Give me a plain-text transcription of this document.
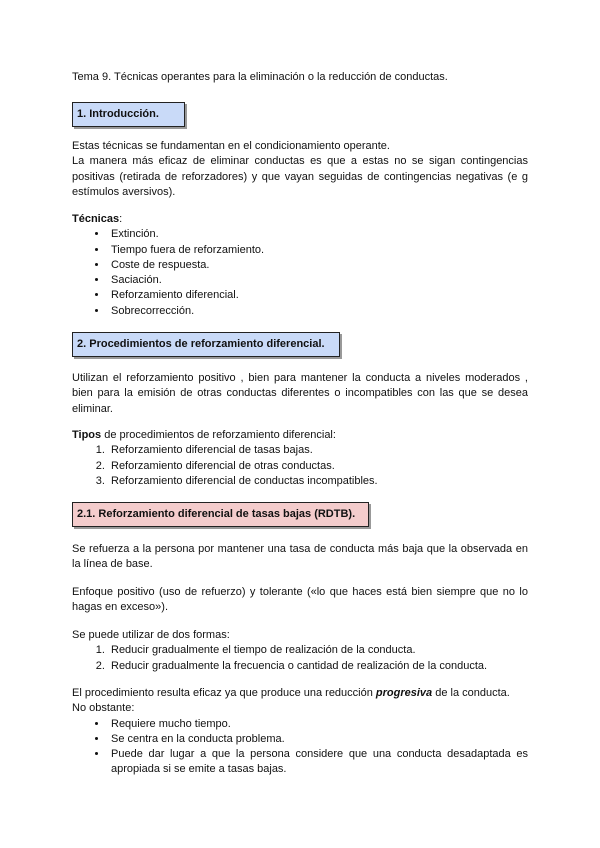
Tema 9. Técnicas operantes para la eliminación o la reducción de conductas.
1. Introducción.

Estas técnicas se fundamentan en el condicionamiento operante.

La manera más eficaz de eliminar conductas es que a estas no se sigan contingencias positivas (retirada de reforzadores) y que vayan seguidas de contingencias negativas (e g estímulos aversivos).

Técnicas:

• Extinción.
• Tiempo fuera de reforzamiento.
• Coste de respuesta.
• Saciación.
• Reforzamiento diferencial.
• Sobrecorrección.
2. Procedimientos de reforzamiento diferencial.
Utilizan el reforzamiento positivo , bien para mantener la conducta a niveles moderados , bien para la emisión de otras conductas diferentes o incompatibles con las que se desea eliminar.

Tipos de procedimientos de reforzamiento diferencial:

1. Reforzamiento diferencial de tasas bajas.
2. Reforzamiento diferencial de otras conductas.
3. Reforzamiento diferencial de conductas incompatibles.
2.1. Reforzamiento diferencial de tasas bajas (RDTB).
Se refuerza a la persona por mantener una tasa de conducta más baja que la observada en la línea de base.
Enfoque positivo (uso de refuerzo) y tolerante («lo que haces está bien siempre que no lo hagas en exceso»).

Se puede utilizar de dos formas:

1. Reducir gradualmente el tiempo de realización de la conducta.
2. Reducir gradualmente la frecuencia o cantidad de realización de la conducta.

El procedimiento resulta eficaz ya que produce una reducción progresiva de la conducta.

No obstante:

• Requiere mucho tiempo.
• Se centra en la conducta problema.
• Puede dar lugar a que la persona considere que una conducta desadaptada es apropiada si se emite a tasas bajas.
